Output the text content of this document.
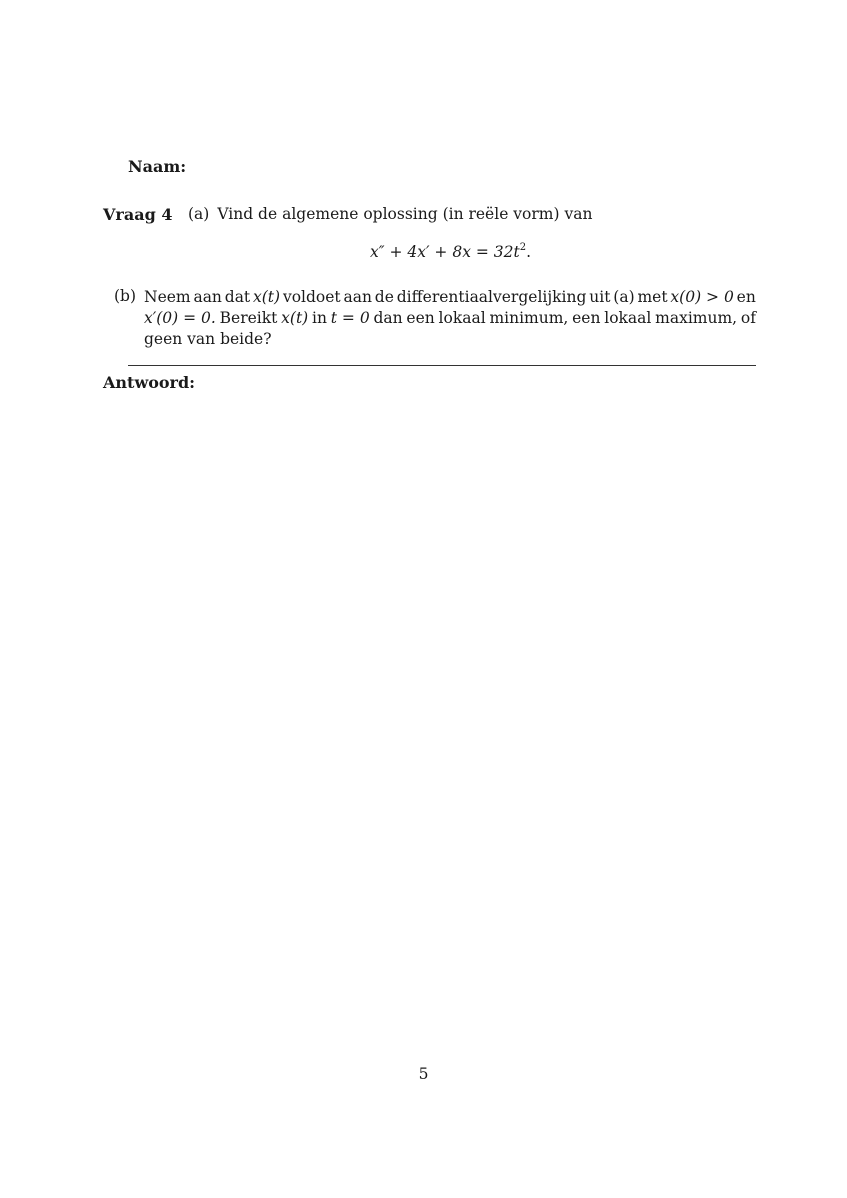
Naam:
Vraag 4 (a) Vind de algemene oplossing (in reële vorm) van
$x'' + 4x' + 8x = 32t^2$.
(b) Neem aan dat x(t) voldoet aan de differentiaalvergelijking uit (a) met x(0) > 0 en
x′(0) = 0. Bereikt x(t) in t = 0 dan een lokaal minimum, een lokaal maximum, of
geen van beide?
Antwoord:
5
